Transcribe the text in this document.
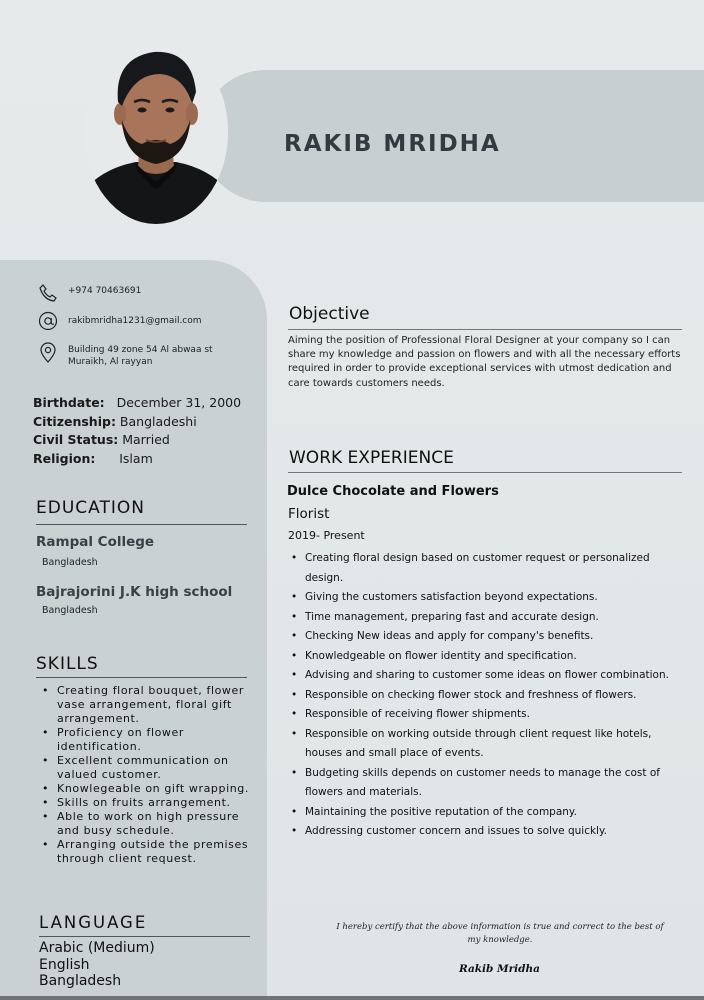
RAKIB MRIDHA
+974 70463691
rakibmridha1231@gmail.com
Building 49 zone 54 Al abwaa st
Muraikh, Al rayyan
Birthdate: December 31, 2000
Citizenship: Bangladeshi
Civil Status: Married
Religion: Islam
EDUCATION
Rampal College
Bangladesh
Bajrajorini J.K high school
Bangladesh
SKILLS
• Creating floral bouquet, flower vase arrangement, floral gift arrangement.
• Proficiency on flower identification.
• Excellent communication on valued customer.
• Knowlegeable on gift wrapping.
• Skills on fruits arrangement.
• Able to work on high pressure and busy schedule.
• Arranging outside the premises through client request.
LANGUAGE
Arabic (Medium)
English
Bangladesh
Objective
Aiming the position of Professional Floral Designer at your company so I can share my knowledge and passion on flowers and with all the necessary efforts required in order to provide exceptional services with utmost dedication and care towards customers needs.
WORK EXPERIENCE
Dulce Chocolate and Flowers
Florist
2019- Present
• Creating floral design based on customer request or personalized design.
• Giving the customers satisfaction beyond expectations.
• Time management, preparing fast and accurate design.
• Checking New ideas and apply for company's benefits.
• Knowledgeable on flower identity and specification.
• Advising and sharing to customer some ideas on flower combination.
• Responsible on checking flower stock and freshness of flowers.
• Responsible of receiving flower shipments.
• Responsible on working outside through client request like hotels, houses and small place of events.
• Budgeting skills depends on customer needs to manage the cost of flowers and materials.
• Maintaining the positive reputation of the company.
• Addressing customer concern and issues to solve quickly.
I hereby certify that the above information is true and correct to the best of my knowledge.
Rakib Mridha
